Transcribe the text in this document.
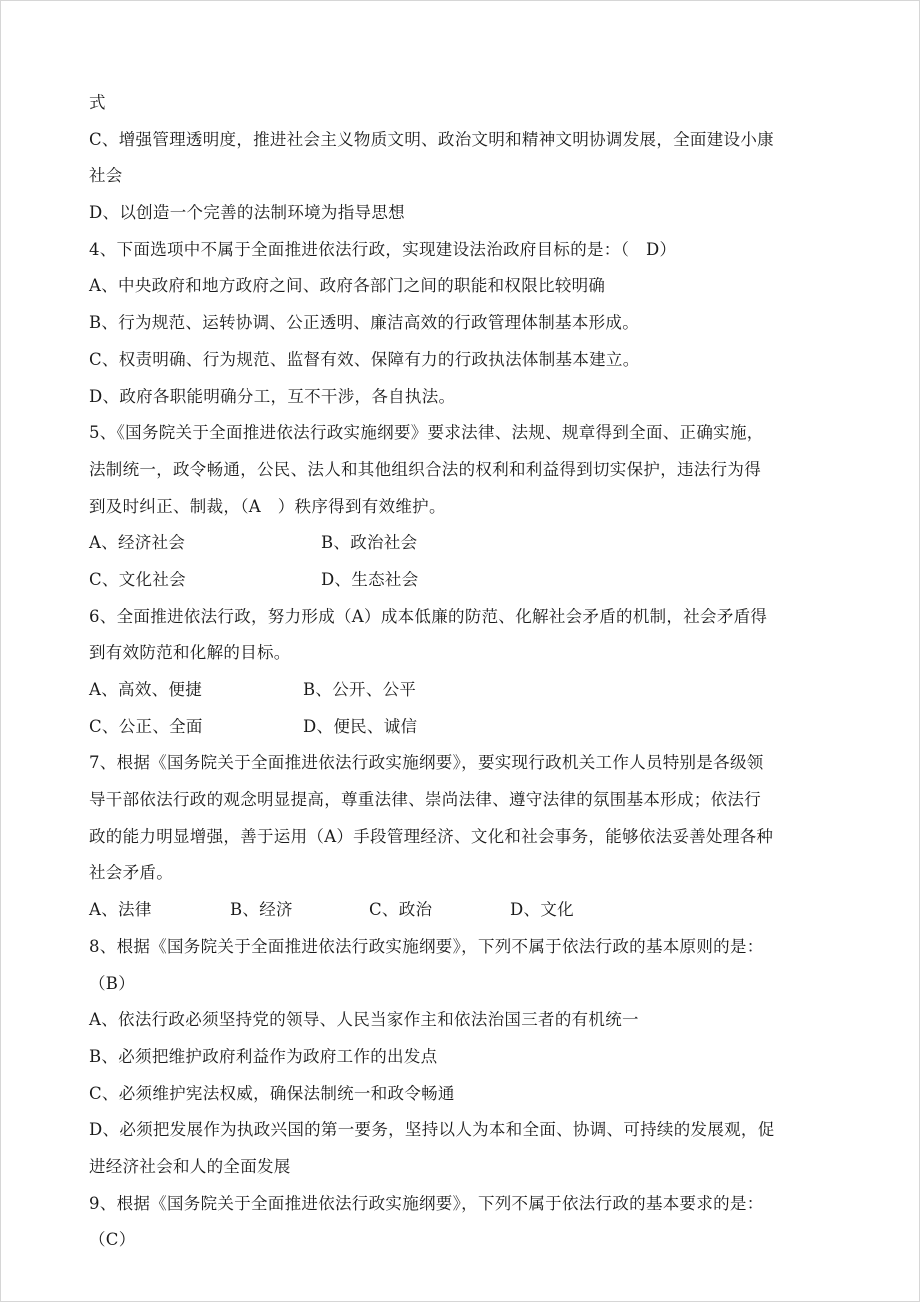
式
C、增强管理透明度，推进社会主义物质文明、政治文明和精神文明协调发展，全面建设小康
社会
D、以创造一个完善的法制环境为指导思想
4、下面选项中不属于全面推进依法行政，实现建设法治政府目标的是：（　D）
A、中央政府和地方政府之间、政府各部门之间的职能和权限比较明确
B、行为规范、运转协调、公正透明、廉洁高效的行政管理体制基本形成。
C、权责明确、行为规范、监督有效、保障有力的行政执法体制基本建立。
D、政府各职能明确分工，互不干涉，各自执法。
5、《国务院关于全面推进依法行政实施纲要》要求法律、法规、规章得到全面、正确实施，
法制统一，政令畅通，公民、法人和其他组织合法的权利和利益得到切实保护，违法行为得
到及时纠正、制裁，（A　）秩序得到有效维护。
A、经济社会	B、政治社会
C、文化社会	D、生态社会
6、全面推进依法行政，努力形成（A）成本低廉的防范、化解社会矛盾的机制，社会矛盾得
到有效防范和化解的目标。
A、高效、便捷	B、公开、公平
C、公正、全面	D、便民、诚信
7、根据《国务院关于全面推进依法行政实施纲要》，要实现行政机关工作人员特别是各级领
导干部依法行政的观念明显提高，尊重法律、崇尚法律、遵守法律的氛围基本形成；依法行
政的能力明显增强，善于运用（A）手段管理经济、文化和社会事务，能够依法妥善处理各种
社会矛盾。
A、法律	B、经济	C、政治	D、文化
8、根据《国务院关于全面推进依法行政实施纲要》，下列不属于依法行政的基本原则的是：
（B）
A、依法行政必须坚持党的领导、人民当家作主和依法治国三者的有机统一
B、必须把维护政府利益作为政府工作的出发点
C、必须维护宪法权威，确保法制统一和政令畅通
D、必须把发展作为执政兴国的第一要务，坚持以人为本和全面、协调、可持续的发展观，促
进经济社会和人的全面发展
9、根据《国务院关于全面推进依法行政实施纲要》，下列不属于依法行政的基本要求的是：
（C）
